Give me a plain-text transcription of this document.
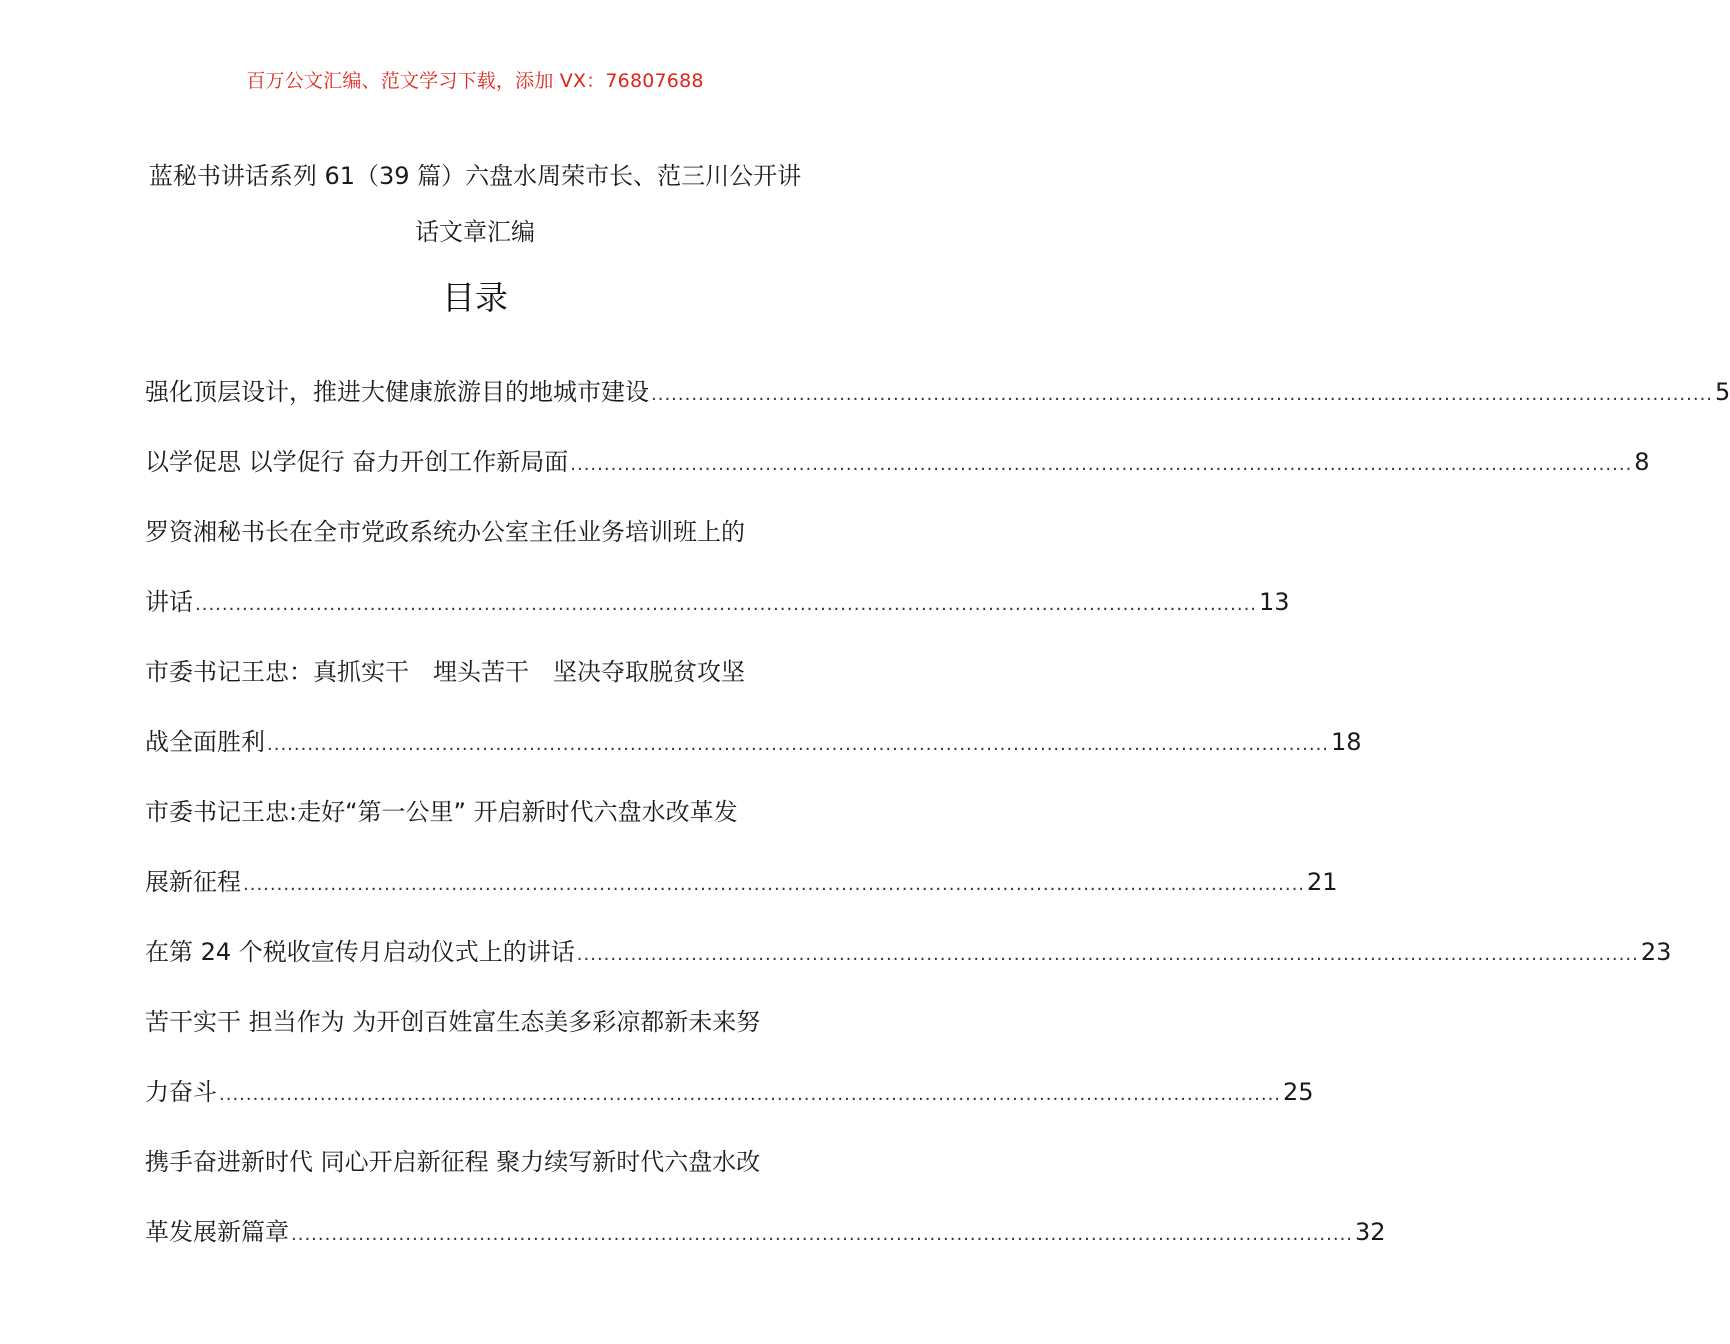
百万公文汇编、范文学习下载，添加 VX：76807688
蓝秘书讲话系列 61（39 篇）六盘水周荣市长、范三川公开讲话文章汇编
目录
强化顶层设计，推进大健康旅游目的地城市建设 .............................................................................................................................................................. 5
以学促思 以学促行 奋力开创工作新局面 .............................................................................................................................................................. 8
罗资湘秘书长在全市党政系统办公室主任业务培训班上的
讲话 .............................................................................................................................................................. 13
市委书记王忠：真抓实干　埋头苦干　坚决夺取脱贫攻坚
战全面胜利 .............................................................................................................................................................. 18
市委书记王忠:走好“第一公里” 开启新时代六盘水改革发
展新征程 .............................................................................................................................................................. 21
在第 24 个税收宣传月启动仪式上的讲话 .............................................................................................................................................................. 23
苦干实干 担当作为 为开创百姓富生态美多彩凉都新未来努
力奋斗 .............................................................................................................................................................. 25
携手奋进新时代 同心开启新征程 聚力续写新时代六盘水改
革发展新篇章 .............................................................................................................................................................. 32
